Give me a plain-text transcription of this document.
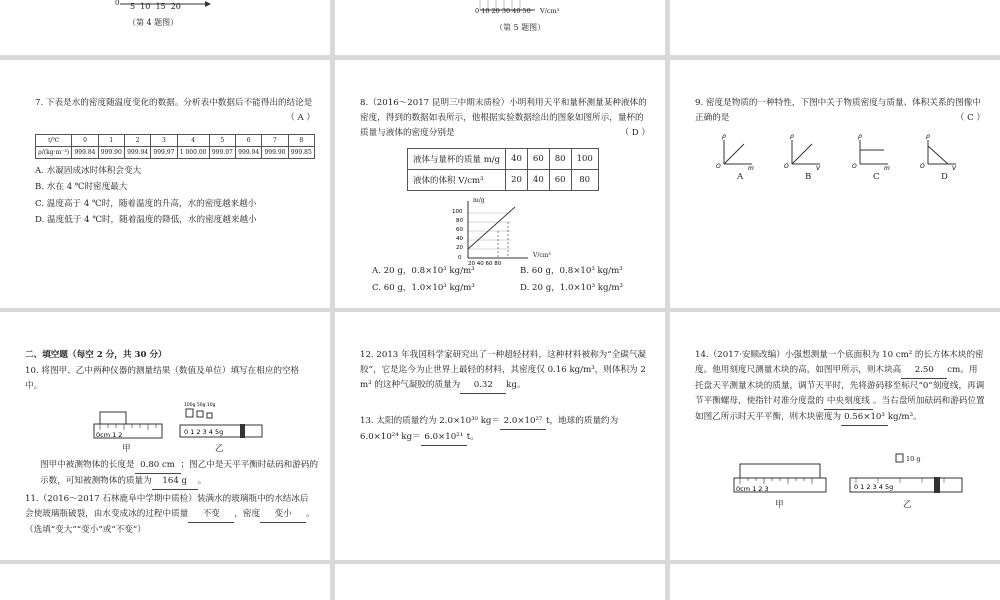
0 5  10  15  20
（第 4 题图）
0 10 20 30 40 50 V/cm³
（第 5 题图）
7. 下表是水的密度随温度变化的数据。分析表中数据后不能得出的结论是
（ A ）
t/℃	0	1	2	3	4	5	6	7	8
ρ/(kg·m⁻³)	999.84	999.90	999.94	999.97	1 000.00	999.97	999.94	999.90	999.85
A. 水凝固成冰时体积会变大
B. 水在 4 ℃时密度最大
C. 温度高于 4 ℃时，随着温度的升高，水的密度越来越小
D. 温度低于 4 ℃时，随着温度的降低，水的密度越来越小
8.（2016～2017 昆明三中期末质检）小明利用天平和量杯测量某种液体的密度，得到的数据如表所示，他根据实验数据绘出的图象如图所示，量杯的质量与液体的密度分别是	（ D ）
液体与量杯的质量 m/g	40	60	80	100
液体的体积 V/cm³	20	40	60	80
100
80
60
40
20
0
20 40 60 80
m/g
V/cm³
A. 20 g，0.8×10³ kg/m³	B. 60 g，0.8×10³ kg/m³
C. 60 g，1.0×10³ kg/m³	D. 20 g，1.0×10³ kg/m³
9. 密度是物质的一种特性，下图中关于物质密度与质量、体积关系的图像中正确的是	（ C ）
ρ
O	m
ρ
O	V
ρ
O	m
ρ
O	V
A	B	C	D
二、填空题（每空 2 分，共 30 分）
10. 将图甲、乙中两种仪器的测量结果（数值及单位）填写在相应的空格中。
0cm 1 2
100g 50g 10g
0 1 2 3 4 5g
甲	乙
图甲中被测物体的长度是 0.80 cm ；图乙中是天平平衡时砝码和游码的示数，可知被测物体的质量为 164 g 。
11.（2016～2017 石林鹿阜中学期中质检）装满水的玻璃瓶中的水结冰后会使玻璃瓶破裂，由水变成冰的过程中质量 不变 ，密度 变小 。（选填“变大”“变小”或“不变”）
12. 2013 年我国科学家研究出了一种超轻材料，这种材料被称为“全碳气凝胶”，它是迄今为止世界上最轻的材料，其密度仅 0.16 kg/m³，则体积为 2 m³ 的这种气凝胶的质量为 0.32 kg。
13. 太阳的质量约为 2.0×10³⁰ kg＝ 2.0×10²⁷ t，地球的质量约为 6.0×10²⁴ kg＝ 6.0×10²¹ t。
14.（2017·安顺改编）小强想测量一个底面积为 10 cm² 的长方体木块的密度。他用刻度尺测量木块的高，如图甲所示，则木块高 2.50 cm。用托盘天平测量木块的质量，调节天平时，先将游码移至标尺“0”刻度线，再调节平衡螺母，使指针对准分度盘的 中央刻度线 。当右盘所加砝码和游码位置如图乙所示时天平平衡，则木块密度为 0.56×10³ kg/m³。
0cm 1 2 3	0 1 2 3 4 5g
10 g
甲	乙
